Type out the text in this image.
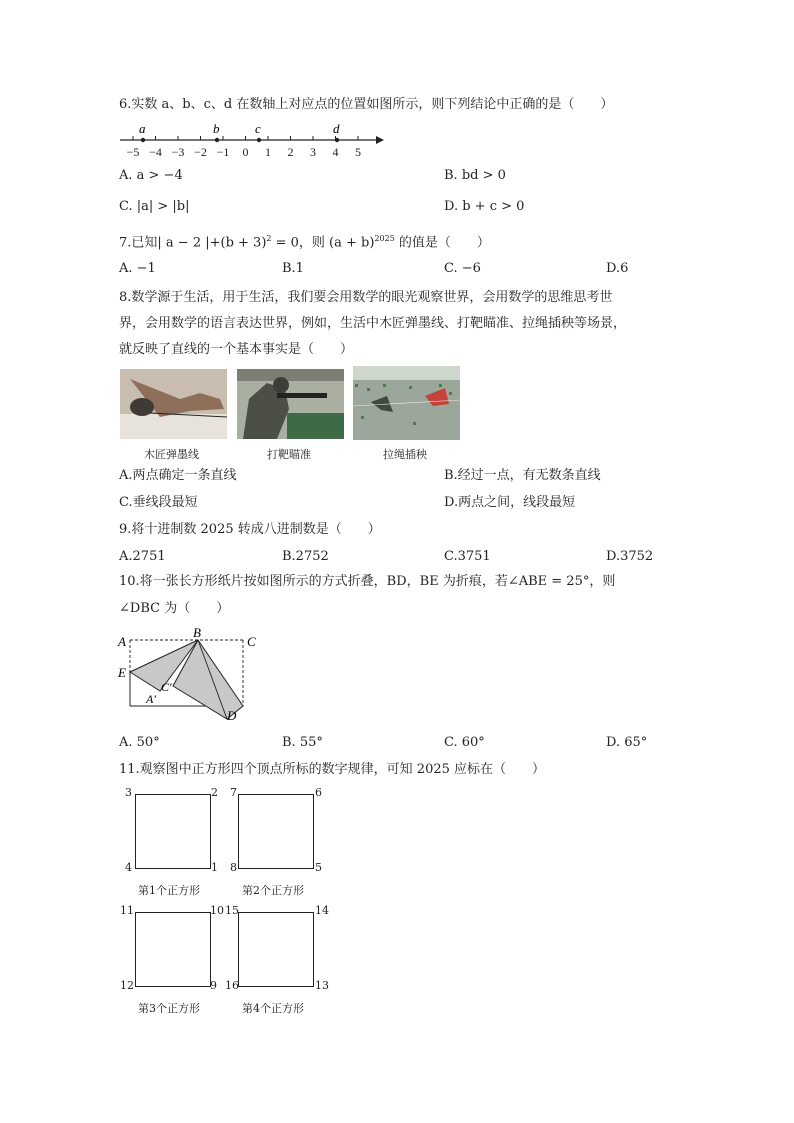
6.实数 a、b、c、d 在数轴上对应点的位置如图所示，则下列结论中正确的是（　　）
−5 −4 −3 −2 −1 0 1 2 3 4 5
a	b	c	d
A. a > −4	B. bd > 0
C. |a| > |b|	D. b + c > 0
7.已知| a − 2 $|+(b + 3)^2 = 0$，则 $(a + b)^{2025}$ 的值是（　　）
A. −1	B.1	C. −6	D.6
8.数学源于生活，用于生活，我们要会用数学的眼光观察世界，会用数学的思维思考世
界，会用数学的语言表达世界，例如，生活中木匠弹墨线、打靶瞄准、拉绳插秧等场景，
就反映了直线的一个基本事实是（　　）
木匠弹墨线	打靶瞄准	拉绳插秧
A.两点确定一条直线	B.经过一点，有无数条直线
C.垂线段最短	D.两点之间，线段最短
9.将十进制数 2025 转成八进制数是（　　）
A.2751	B.2752	C.3751	D.3752
10.将一张长方形纸片按如图所示的方式折叠，BD，BE 为折痕，若∠ABE = 25°，则
∠DBC 为（　　）
A
B
C
E
C′
A′
D
A. 50°	B. 55°	C. 60°	D. 65°
11.观察图中正方形四个顶点所标的数字规律，可知 2025 应标在（　　）
3	2
4	1
第1个正方形
7	6
8	5
第2个正方形
11	10
12	9
第3个正方形
15	14
16	13
第4个正方形
